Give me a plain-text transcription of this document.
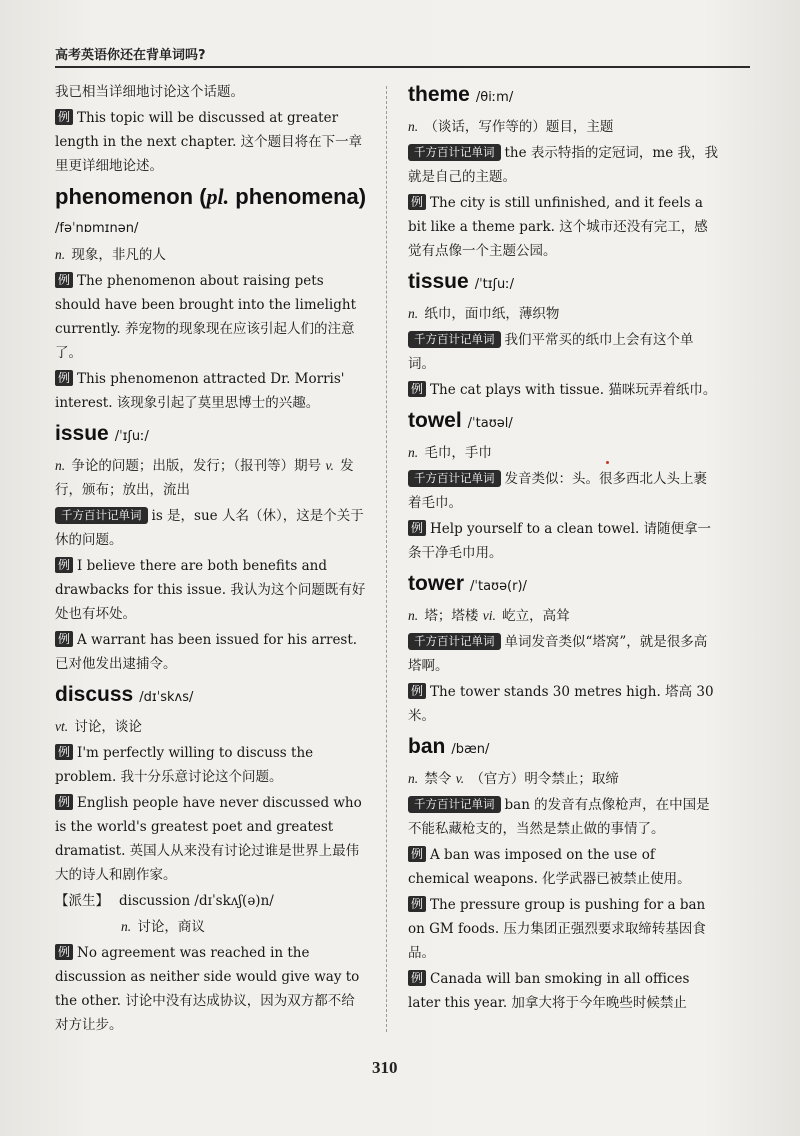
高考英语你还在背单词吗?

我已相当详细地讨论这个话题。

例 This topic will be discussed at greater length in the next chapter. 这个题目将在下一章里更详细地论述。

phenomenon (pl. phenomena)

/fəˈnɒmɪnən/

n. 现象，非凡的人

例 The phenomenon about raising pets should have been brought into the limelight currently. 养宠物的现象现在应该引起人们的注意了。

例 This phenomenon attracted Dr. Morris' interest. 该现象引起了莫里思博士的兴趣。

issue /ˈɪʃuː/

n. 争论的问题；出版，发行；（报刊等）期号 v. 发行，颁布；放出，流出

千方百计记单词 is 是，sue 人名（休），这是个关于休的问题。

例 I believe there are both benefits and drawbacks for this issue. 我认为这个问题既有好处也有坏处。

例 A warrant has been issued for his arrest. 已对他发出逮捕令。

discuss /dɪˈskʌs/

vt. 讨论，谈论

例 I'm perfectly willing to discuss the problem. 我十分乐意讨论这个问题。

例 English people have never discussed who is the world's greatest poet and greatest dramatist. 英国人从来没有讨论过谁是世界上最伟大的诗人和剧作家。

【派生】 discussion /dɪˈskʌʃ(ə)n/

n. 讨论，商议

例 No agreement was reached in the discussion as neither side would give way to the other. 讨论中没有达成协议，因为双方都不给对方让步。

theme /θiːm/

n. （谈话，写作等的）题目，主题

千方百计记单词 the 表示特指的定冠词，me 我，我就是自己的主题。

例 The city is still unfinished, and it feels a bit like a theme park. 这个城市还没有完工，感觉有点像一个主题公园。

tissue /ˈtɪʃuː/

n. 纸巾，面巾纸，薄织物

千方百计记单词 我们平常买的纸巾上会有这个单词。

例 The cat plays with tissue. 猫咪玩弄着纸巾。

towel /ˈtaʊəl/

n. 毛巾，手巾

千方百计记单词 发音类似：头。很多西北人头上裹着毛巾。

例 Help yourself to a clean towel. 请随便拿一条干净毛巾用。

tower /ˈtaʊə(r)/

n. 塔；塔楼 vi. 屹立，高耸

千方百计记单词 单词发音类似“塔窝”，就是很多高塔啊。

例 The tower stands 30 metres high. 塔高 30 米。

ban /bæn/

n. 禁令 v. （官方）明令禁止；取缔

千方百计记单词 ban 的发音有点像枪声，在中国是不能私藏枪支的，当然是禁止做的事情了。

例 A ban was imposed on the use of chemical weapons. 化学武器已被禁止使用。

例 The pressure group is pushing for a ban on GM foods. 压力集团正强烈要求取缔转基因食品。

例 Canada will ban smoking in all offices later this year. 加拿大将于今年晚些时候禁止

310
